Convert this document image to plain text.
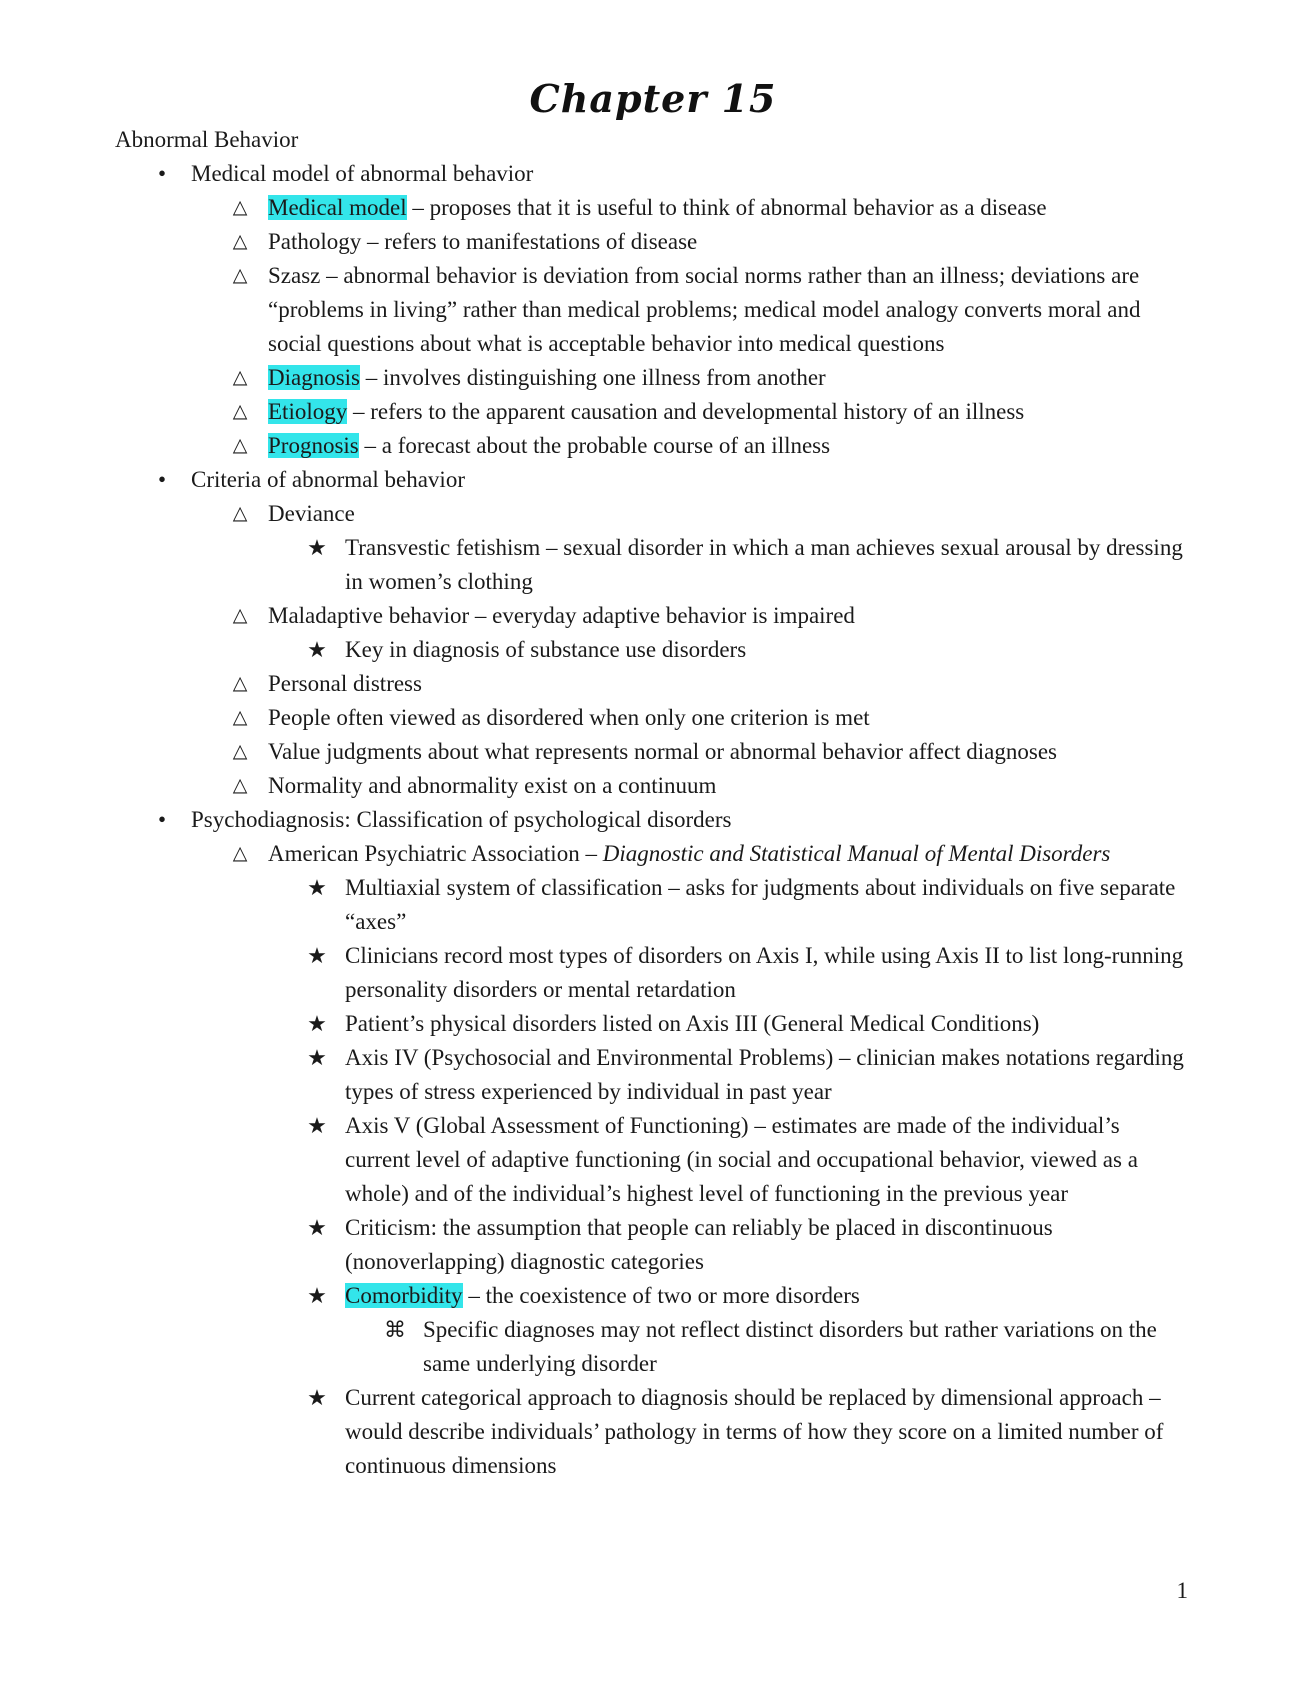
Chapter 15
Abnormal Behavior
•	Medical model of abnormal behavior
△ Medical model – proposes that it is useful to think of abnormal behavior as a disease
△ Pathology – refers to manifestations of disease
△ Szasz – abnormal behavior is deviation from social norms rather than an illness; deviations are “problems in living” rather than medical problems; medical model analogy converts moral and social questions about what is acceptable behavior into medical questions
△ Diagnosis – involves distinguishing one illness from another
△ Etiology – refers to the apparent causation and developmental history of an illness
△ Prognosis – a forecast about the probable course of an illness
•	Criteria of abnormal behavior
△ Deviance
★ Transvestic fetishism – sexual disorder in which a man achieves sexual arousal by dressing in women’s clothing
△ Maladaptive behavior – everyday adaptive behavior is impaired
★ Key in diagnosis of substance use disorders
△ Personal distress
△ People often viewed as disordered when only one criterion is met
△ Value judgments about what represents normal or abnormal behavior affect diagnoses
△ Normality and abnormality exist on a continuum
•	Psychodiagnosis: Classification of psychological disorders
△ American Psychiatric Association – Diagnostic and Statistical Manual of Mental Disorders
★ Multiaxial system of classification – asks for judgments about individuals on five separate “axes”
★ Clinicians record most types of disorders on Axis I, while using Axis II to list long-running personality disorders or mental retardation
★ Patient’s physical disorders listed on Axis III (General Medical Conditions)
★ Axis IV (Psychosocial and Environmental Problems) – clinician makes notations regarding types of stress experienced by individual in past year
★ Axis V (Global Assessment of Functioning) – estimates are made of the individual’s current level of adaptive functioning (in social and occupational behavior, viewed as a whole) and of the individual’s highest level of functioning in the previous year
★ Criticism: the assumption that people can reliably be placed in discontinuous (nonoverlapping) diagnostic categories
★ Comorbidity – the coexistence of two or more disorders
⌘ Specific diagnoses may not reflect distinct disorders but rather variations on the same underlying disorder
★ Current categorical approach to diagnosis should be replaced by dimensional approach – would describe individuals’ pathology in terms of how they score on a limited number of continuous dimensions
1
